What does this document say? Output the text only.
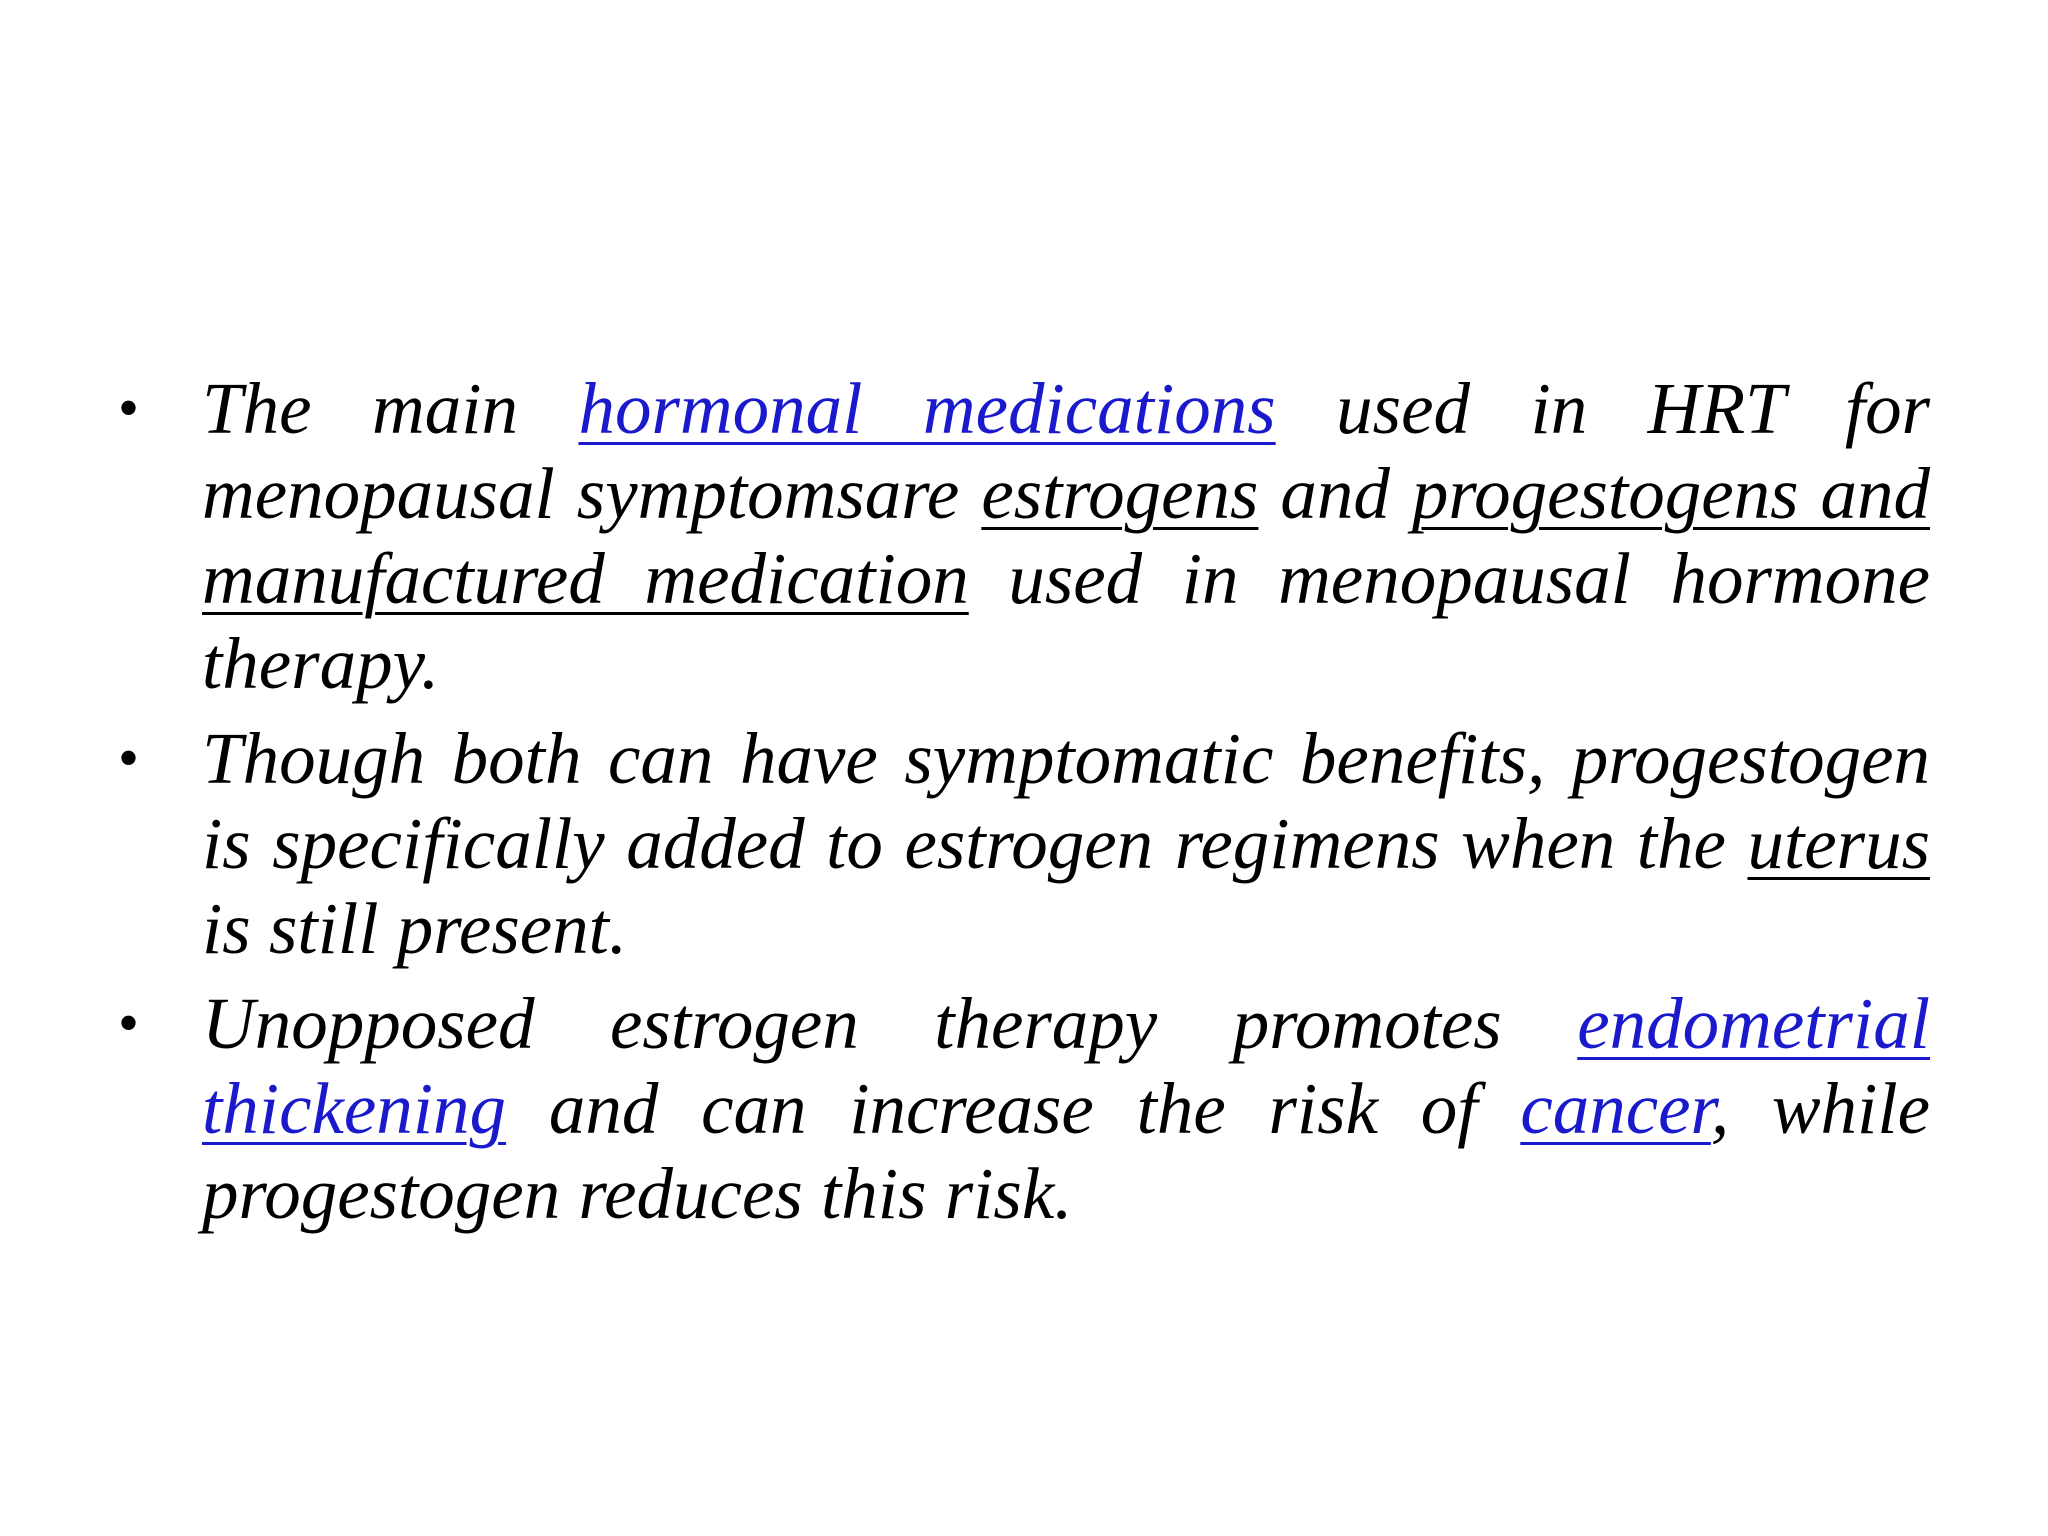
• The main hormonal medications used in HRT for menopausal symptomsare estrogens and progestogens and manufactured medication used in menopausal hormone therapy.
• Though both can have symptomatic benefits, progestogen is specifically added to estrogen regimens when the uterus is still present.
• Unopposed estrogen therapy promotes endometrial thickening and can increase the risk of cancer, while progestogen reduces this risk.
